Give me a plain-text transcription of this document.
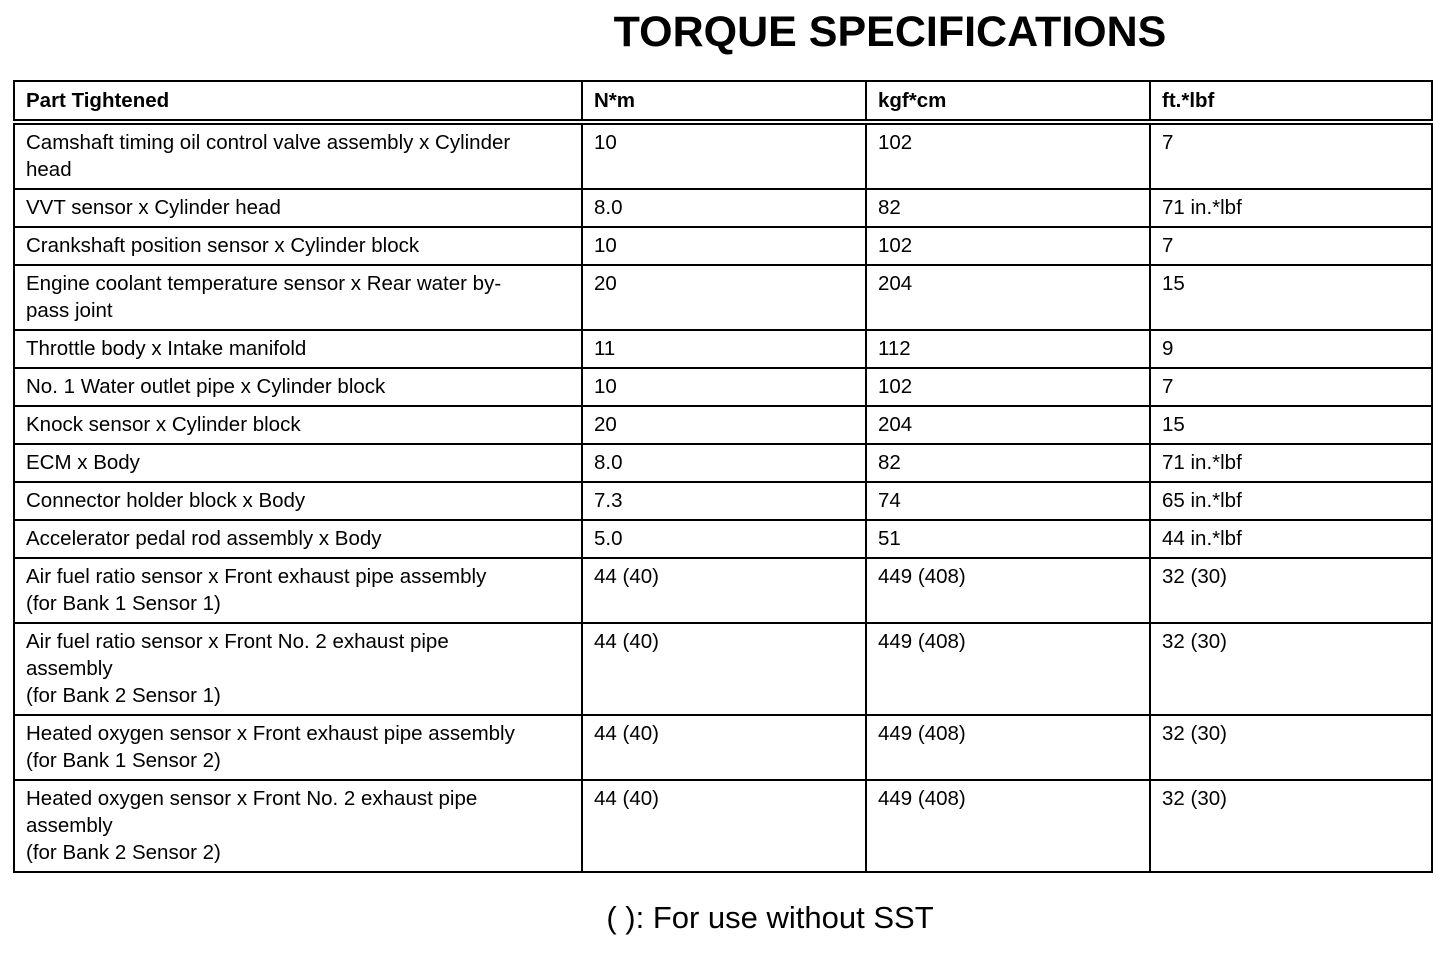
TORQUE SPECIFICATIONS
Part Tightened	N*m	kgf*cm	ft.*lbf
Camshaft timing oil control valve assembly x Cylinder
head	10	102	7
VVT sensor x Cylinder head	8.0	82	71 in.*lbf
Crankshaft position sensor x Cylinder block	10	102	7
Engine coolant temperature sensor x Rear water by-
pass joint	20	204	15
Throttle body x Intake manifold	11	112	9
No. 1 Water outlet pipe x Cylinder block	10	102	7
Knock sensor x Cylinder block	20	204	15
ECM x Body	8.0	82	71 in.*lbf
Connector holder block x Body	7.3	74	65 in.*lbf
Accelerator pedal rod assembly x Body	5.0	51	44 in.*lbf
Air fuel ratio sensor x Front exhaust pipe assembly
(for Bank 1 Sensor 1)	44 (40)	449 (408)	32 (30)
Air fuel ratio sensor x Front No. 2 exhaust pipe
assembly
(for Bank 2 Sensor 1)	44 (40)	449 (408)	32 (30)
Heated oxygen sensor x Front exhaust pipe assembly
(for Bank 1 Sensor 2)	44 (40)	449 (408)	32 (30)
Heated oxygen sensor x Front No. 2 exhaust pipe
assembly
(for Bank 2 Sensor 2)	44 (40)	449 (408)	32 (30)
( ): For use without SST
